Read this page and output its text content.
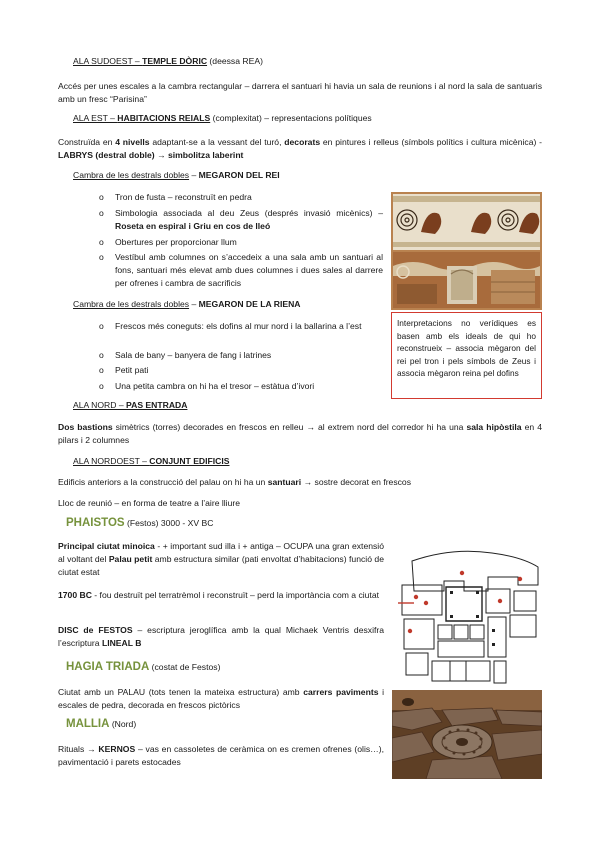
ALA SUDOEST – TEMPLE DÒRIC (deessa REA)
Accés per unes escales a la cambra rectangular – darrera el santuari hi havia un sala de reunions i al nord la sala de santuaris amb un fresc “Parisina”
ALA EST – HABITACIONS REIALS (complexitat) – representacions polítiques
Construïda en 4 nivells adaptant-se a la vessant del turó, decorats en pintures i relleus (símbols polítics i cultura micènica) - LABRYS (destral doble) → simbolitza laberint
Cambra de les destrals dobles – MEGARON DEL REI
o Tron de fusta – reconstruït en pedra
o Simbologia associada al deu Zeus (després invasió micènics) – Roseta en espiral i Griu en cos de lleó
o Obertures per proporcionar llum
o Vestíbul amb columnes on s’accedeix a una sala amb un santuari al fons, santuari més elevat amb dues columnes i dues sales al darrere per ofrenes i cambra de sacrificis
Cambra de les destrals dobles – MEGARON DE LA RIENA
o Frescos més coneguts: els dofins al mur nord i la ballarina a l’est
o Sala de bany – banyera de fang i latrines
o Petit pati
o Una petita cambra on hi ha el tresor – estàtua d’ivori
Interpretacions no verídiques es basen amb els ideals de qui ho reconstrueix – associa mègaron del rei pel tron i pels símbols de Zeus i associa mègaron reina pel dofins
ALA NORD – PAS ENTRADA
Dos bastions simètrics (torres) decorades en frescos en relleu → al extrem nord del corredor hi ha una sala hipòstila en 4 pilars i 2 columnes
ALA NORDOEST – CONJUNT EDIFICIS
Edificis anteriors a la construcció del palau on hi ha un santuari → sostre decorat en frescos
Lloc de reunió – en forma de teatre a l’aire lliure
PHAISTOS (Festos) 3000 - XV BC
Principal ciutat minoica - + important sud illa i + antiga – OCUPA una gran extensió al voltant del Palau petit amb estructura similar (pati envoltat d’habitacions) funció de ciutat estat
1700 BC - fou destruït pel terratrèmol i reconstruït – perd la importància com a ciutat
DISC de FESTOS – escriptura jeroglífica amb la qual Michaek Ventris desxifra l’escriptura LINEAL B
HAGIA TRIADA (costat de Festos)
Ciutat amb un PALAU (tots tenen la mateixa estructura) amb carrers paviments i escales de pedra, decorada en frescos pictòrics
MALLIA (Nord)
Rituals → KERNOS – vas en cassoletes de ceràmica on es cremen ofrenes (olis…), pavimentació i parets estocades
